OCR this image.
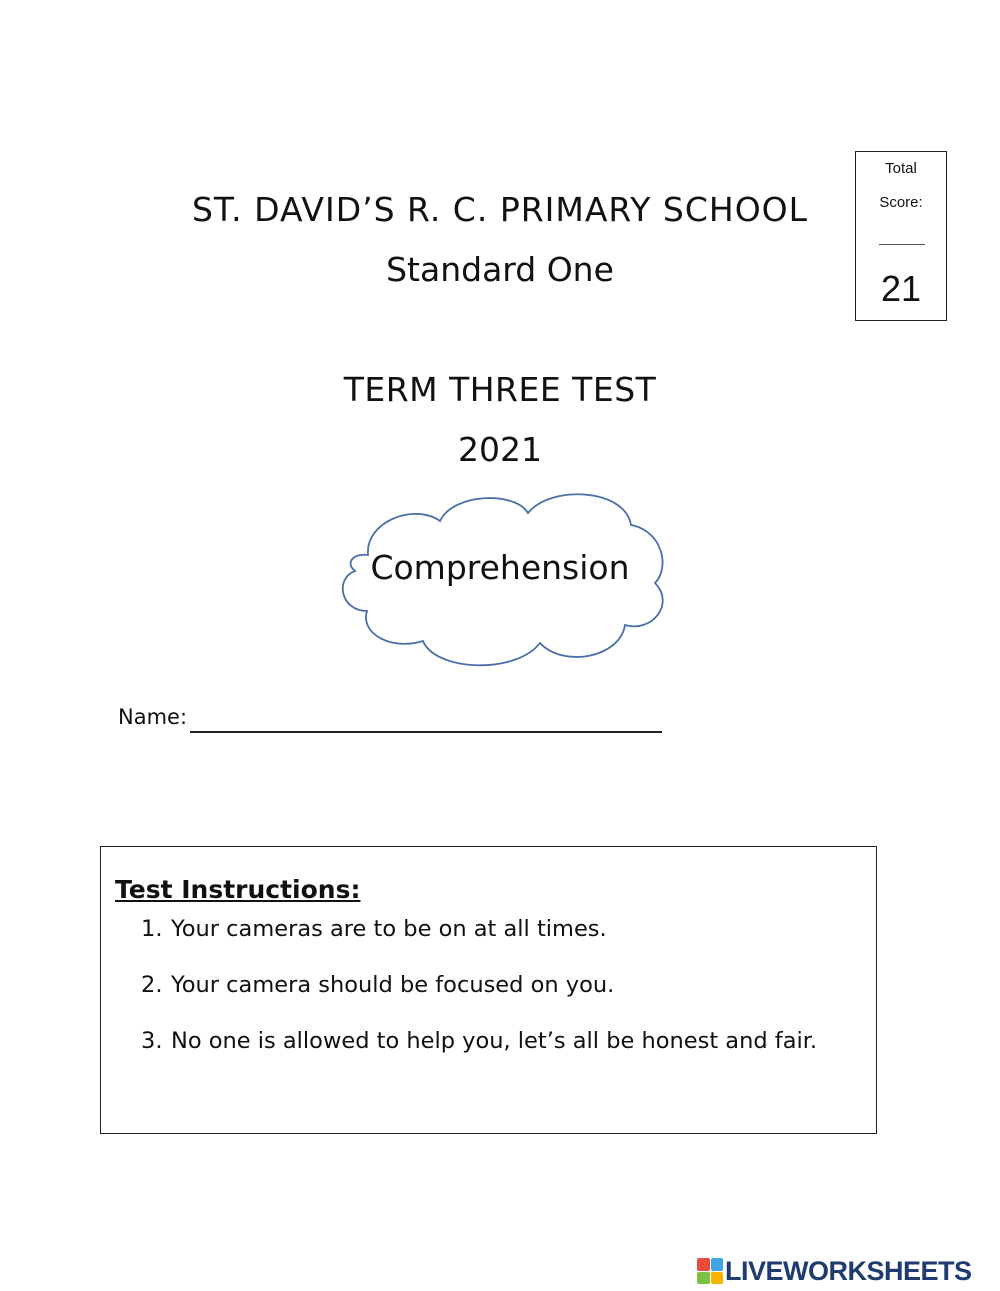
ST. DAVID’S R. C. PRIMARY SCHOOL
Standard One
Total
Score:
21
TERM THREE TEST
2021
Comprehension
Name:
Test Instructions:
1. Your cameras are to be on at all times.
2. Your camera should be focused on you.
3. No one is allowed to help you, let’s all be honest and fair.
LIVEWORKSHEETS
